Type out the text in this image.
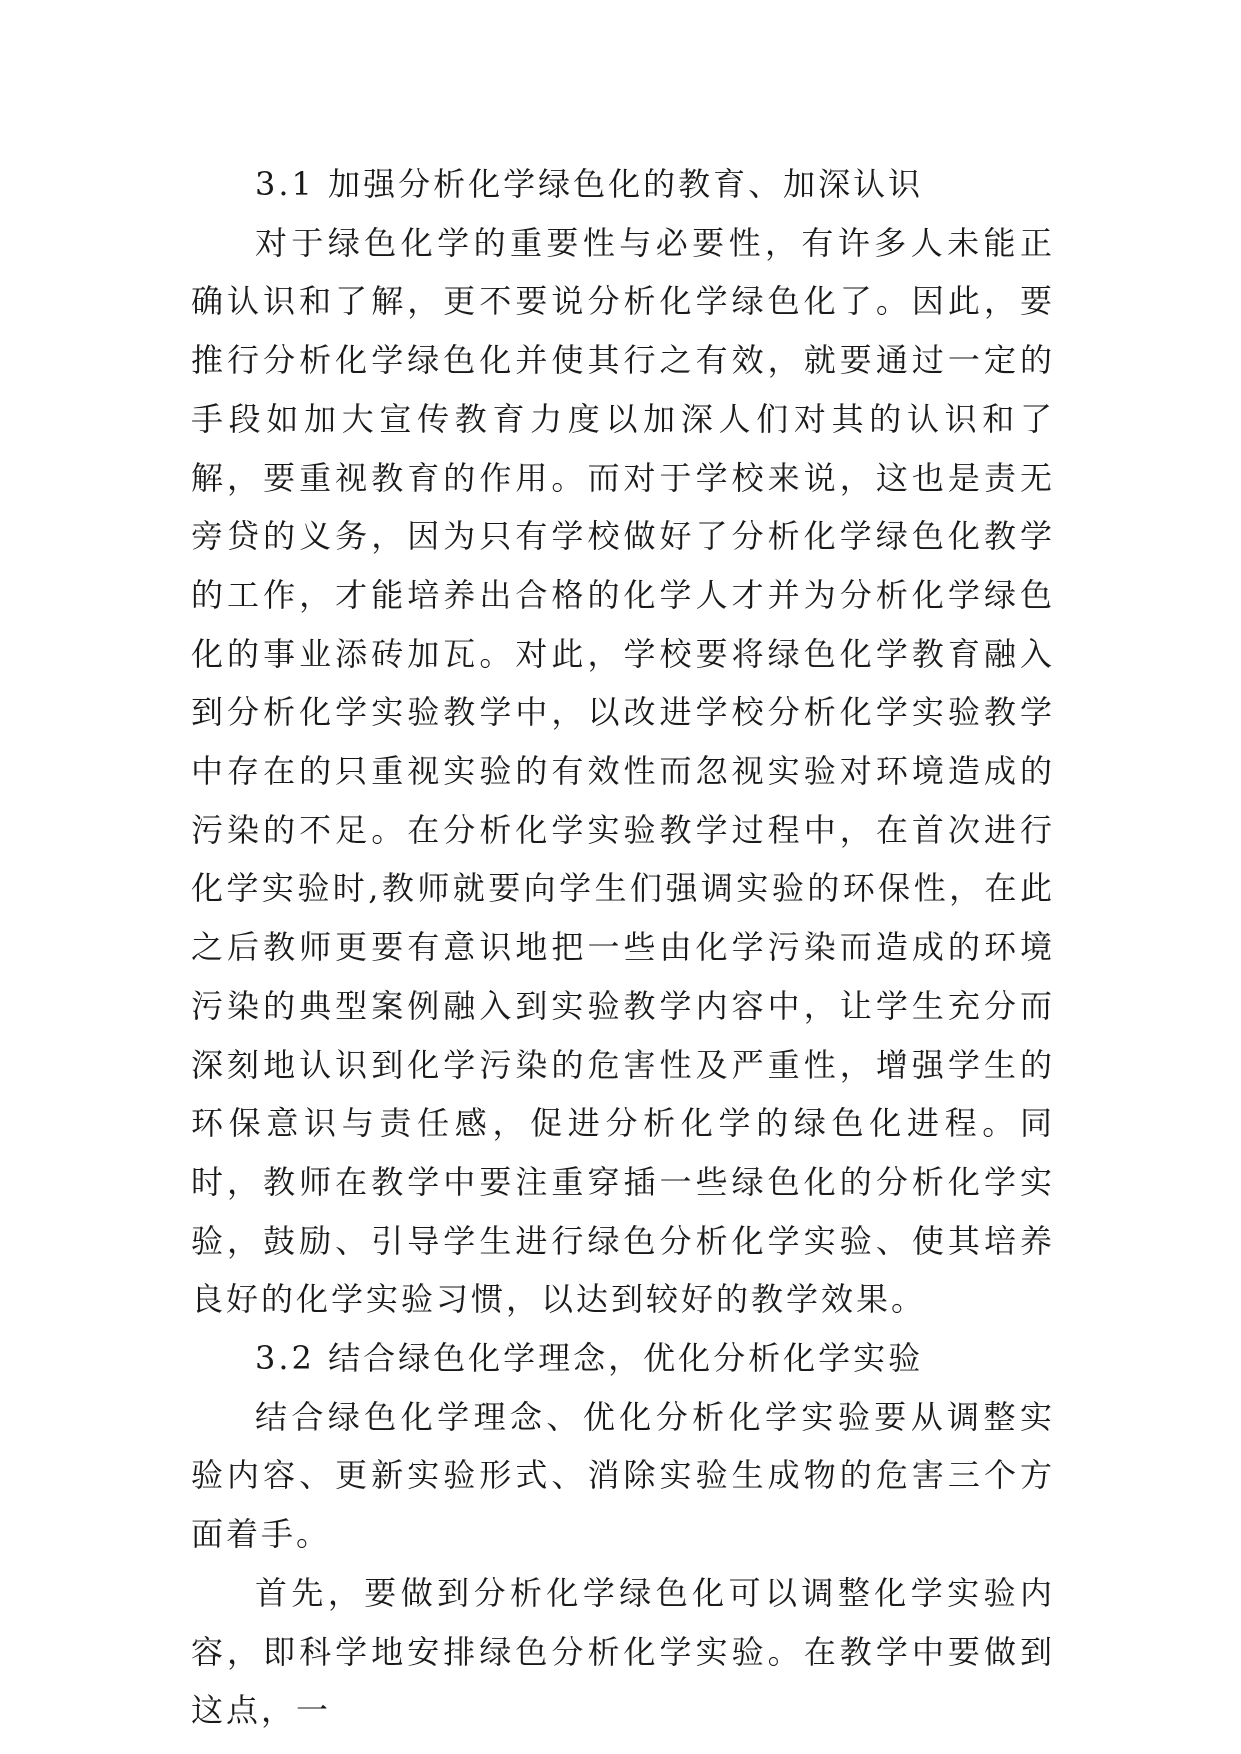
3.1 加强分析化学绿色化的教育、加深认识

对于绿色化学的重要性与必要性，有许多人未能正确认识和了解，更不要说分析化学绿色化了。因此，要推行分析化学绿色化并使其行之有效，就要通过一定的手段如加大宣传教育力度以加深人们对其的认识和了解，要重视教育的作用。而对于学校来说，这也是责无旁贷的义务，因为只有学校做好了分析化学绿色化教学的工作，才能培养出合格的化学人才并为分析化学绿色化的事业添砖加瓦。对此，学校要将绿色化学教育融入到分析化学实验教学中，以改进学校分析化学实验教学中存在的只重视实验的有效性而忽视实验对环境造成的污染的不足。在分析化学实验教学过程中，在首次进行化学实验时,教师就要向学生们强调实验的环保性，在此之后教师更要有意识地把一些由化学污染而造成的环境污染的典型案例融入到实验教学内容中，让学生充分而深刻地认识到化学污染的危害性及严重性，增强学生的环保意识与责任感，促进分析化学的绿色化进程。同时，教师在教学中要注重穿插一些绿色化的分析化学实验，鼓励、引导学生进行绿色分析化学实验、使其培养良好的化学实验习惯，以达到较好的教学效果。

3.2 结合绿色化学理念，优化分析化学实验

结合绿色化学理念、优化分析化学实验要从调整实验内容、更新实验形式、消除实验生成物的危害三个方面着手。

首先，要做到分析化学绿色化可以调整化学实验内容，即科学地安排绿色分析化学实验。在教学中要做到这点，一
